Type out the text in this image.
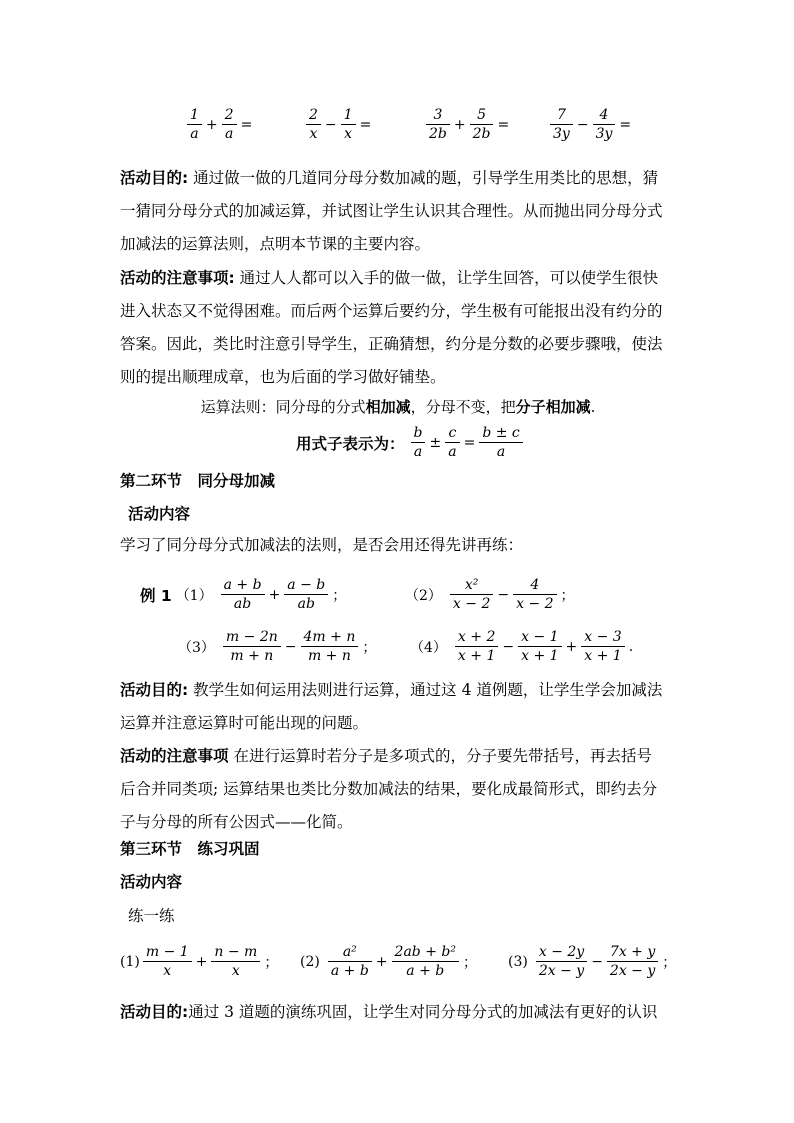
$\frac{1}{a} + \frac{2}{a}$ =	$\frac{2}{x} - \frac{1}{x}$ =	$\frac{3}{2b} + \frac{5}{2b}$ =	$\frac{7}{3y} - \frac{4}{3y}$ =

活动目的: 通过做一做的几道同分母分数加减的题，引导学生用类比的思想，猜
一猜同分母分式的加减运算，并试图让学生认识其合理性。从而抛出同分母分式
加减法的运算法则，点明本节课的主要内容。

活动的注意事项: 通过人人都可以入手的做一做，让学生回答，可以使学生很快
进入状态又不觉得困难。而后两个运算后要约分，学生极有可能报出没有约分的
答案。因此，类比时注意引导学生，正确猜想，约分是分数的必要步骤哦，使法
则的提出顺理成章，也为后面的学习做好铺垫。

运算法则：同分母的分式相加减，分母不变，把分子相加减.
用式子表示为： $\frac{b}{a} \pm \frac{c}{a} = \frac{b \pm c}{a}$
第二环节　同分母加减
活动内容
学习了同分母分式加减法的法则，是否会用还得先讲再练：
例 1 $(1) \frac{a + b}{ab} + \frac{a - b}{ab}$ ；	$(2) \frac{\text{x²}}{x - 2} - \frac{4}{x - 2}$ ；
$(3) \frac{m - 2n}{m + n} - \frac{4m + n}{m + n}$ ； $(4) \frac{x + 2}{x + 1} - \frac{x - 1}{x + 1} + \frac{x - 3}{x + 1}$ .

活动目的: 教学生如何运用法则进行运算，通过这 4 道例题，让学生学会加减法
运算并注意运算时可能出现的问题。

活动的注意事项 在进行运算时若分子是多项式的，分子要先带括号，再去括号
后合并同类项; 运算结果也类比分数加减法的结果，要化成最简形式，即约去分
子与分母的所有公因式——化简。

第三环节　练习巩固
活动内容
练一练
$(1) \frac{m - 1}{x} + \frac{n - m}{x}$ ； $(2) \frac{\text{a²}}{a + b} + \frac{\text{2ab + b²}}{a + b}$ ； $(3) \frac{x - 2y}{2x - y} - \frac{7x + y}{2x - y}$ ；

活动目的:通过 3 道题的演练巩固，让学生对同分母分式的加减法有更好的认识
